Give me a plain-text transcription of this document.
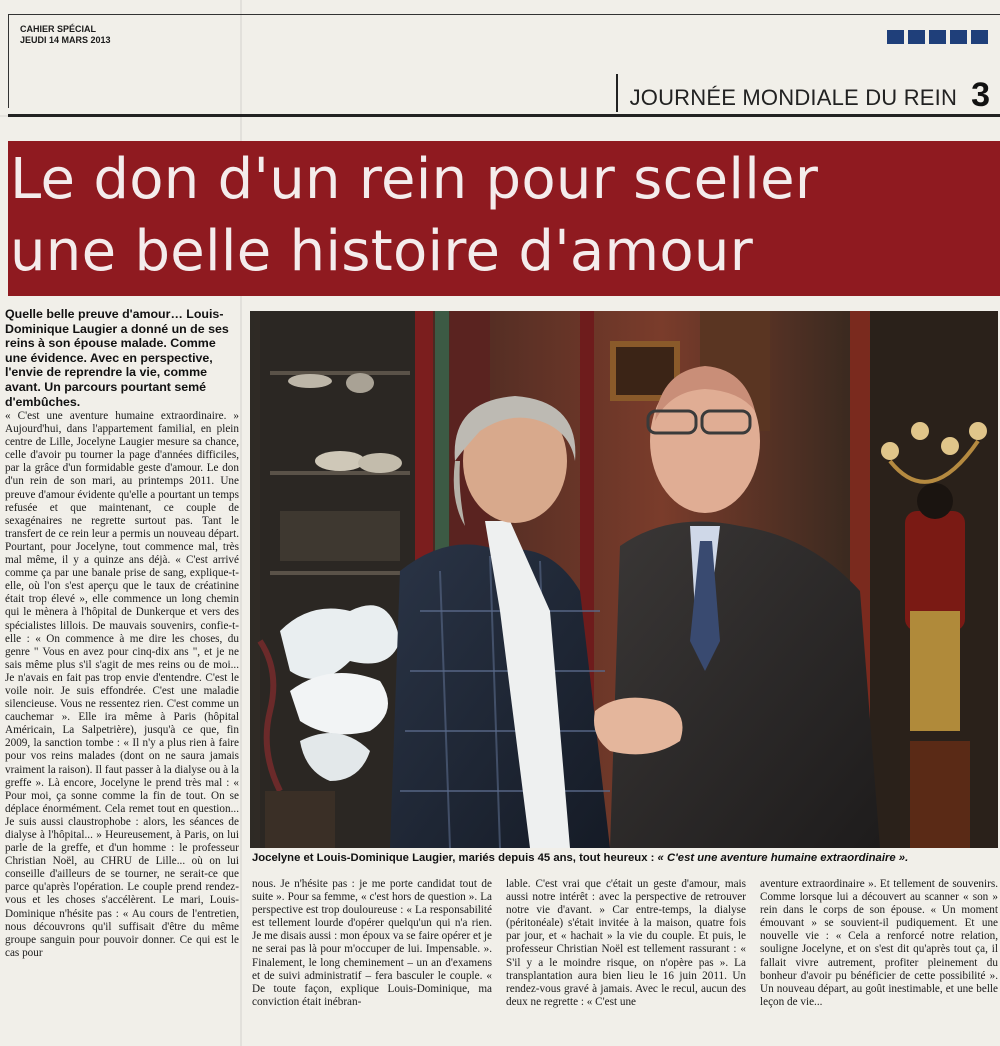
CAHIER SPÉCIAL
JEUDI 14 MARS 2013
JOURNÉE MONDIALE DU REIN 3
Le don d'un rein pour sceller
une belle histoire d'amour
Quelle belle preuve d'amour… Louis-Dominique Laugier a donné un de ses reins à son épouse malade. Comme une évidence. Avec en perspective, l'envie de reprendre la vie, comme avant. Un parcours pourtant semé d'embûches.

« C'est une aventure humaine extraordinaire. » Aujourd'hui, dans l'appartement familial, en plein centre de Lille, Jocelyne Laugier mesure sa chance, celle d'avoir pu tourner la page d'années difficiles, par la grâce d'un formidable geste d'amour. Le don d'un rein de son mari, au printemps 2011. Une preuve d'amour évidente qu'elle a pourtant un temps refusée et que maintenant, ce couple de sexagénaires ne regrette surtout pas. Tant le transfert de ce rein leur a permis un nouveau départ. Pourtant, pour Jocelyne, tout commence mal, très mal même, il y a quinze ans déjà. « C'est arrivé comme ça par une banale prise de sang, explique-t-elle, où l'on s'est aperçu que le taux de créatinine était trop élevé », elle commence un long chemin qui le mènera à l'hôpital de Dunkerque et vers des spécialistes lillois. De mauvais souvenirs, confie-t-elle : « On commence à me dire les choses, du genre " Vous en avez pour cinq-dix ans ", et je ne sais même plus s'il s'agit de mes reins ou de moi... Je n'avais en fait pas trop envie d'entendre. C'est le voile noir. Je suis effondrée. C'est une maladie silencieuse. Vous ne ressentez rien. C'est comme un cauchemar ». Elle ira même à Paris (hôpital Américain, La Salpetrière), jusqu'à ce que, fin 2009, la sanction tombe : « Il n'y a plus rien à faire pour vos reins malades (dont on ne saura jamais vraiment la raison). Il faut passer à la dialyse ou à la greffe ». Là encore, Jocelyne le prend très mal : « Pour moi, ça sonne comme la fin de tout. On se déplace énormément. Cela remet tout en question... Je suis aussi claustrophobe : alors, les séances de dialyse à l'hôpital... » Heureusement, à Paris, on lui parle de la greffe, et d'un homme : le professeur Christian Noël, au CHRU de Lille... où on lui conseille d'ailleurs de se tourner, ne serait-ce que parce qu'après l'opération. Le couple prend rendez-vous et les choses s'accélèrent. Le mari, Louis-Dominique n'hésite pas : « Au cours de l'entretien, nous découvrons qu'il suffisait d'être du même groupe sanguin pour pouvoir donner. Ce qui est le cas pour

Jocelyne et Louis-Dominique Laugier, mariés depuis 45 ans, tout heureux : « C'est une aventure humaine extraordinaire ».

nous. Je n'hésite pas : je me porte candidat tout de suite ». Pour sa femme, « c'est hors de question ». La perspective est trop douloureuse : « La responsabilité est tellement lourde d'opérer quelqu'un qui n'a rien. Je me disais aussi : mon époux va se faire opérer et je ne serai pas là pour m'occuper de lui. Impensable. ». Finalement, le long cheminement – un an d'examens et de suivi administratif – fera basculer le couple. « De toute façon, explique Louis-Dominique, ma conviction était inébran-

lable. C'est vrai que c'était un geste d'amour, mais aussi notre intérêt : avec la perspective de retrouver notre vie d'avant. » Car entre-temps, la dialyse (péritonéale) s'était invitée à la maison, quatre fois par jour, et « hachait » la vie du couple. Et puis, le professeur Christian Noël est tellement rassurant : « S'il y a le moindre risque, on n'opère pas ». La transplantation aura bien lieu le 16 juin 2011. Un rendez-vous gravé à jamais. Avec le recul, aucun des deux ne regrette : « C'est une

aventure extraordinaire ». Et tellement de souvenirs. Comme lorsque lui a découvert au scanner « son » rein dans le corps de son épouse. « Un moment émouvant » se souvient-il pudiquement. Et une nouvelle vie : « Cela a renforcé notre relation, souligne Jocelyne, et on s'est dit qu'après tout ça, il fallait vivre autrement, profiter pleinement du bonheur d'avoir pu bénéficier de cette possibilité ». Un nouveau départ, au goût inestimable, et une belle leçon de vie...
